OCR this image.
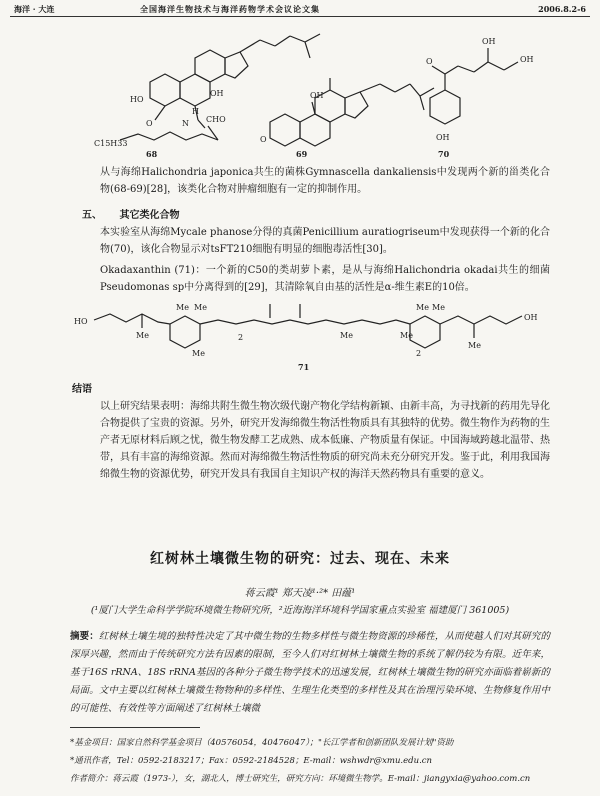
海洋 · 大连	全国海洋生物技术与海洋药物学术会议论文集	2006.8.2-6
HO
OH
N CHO
H
O
C15H33	O
OH
OH
O
OH
OH
68	69	70
从与海绵Halichondria japonica共生的菌株Gymnascella dankaliensis中发现两个新的甾类化合物(68-69)[28]，该类化合物对肿瘤细胞有一定的抑制作用。
五、 其它类化合物
本实验室从海绵Mycale phanose分得的真菌Penicillium auratiogriseum中发现获得一个新的化合物(70)，该化合物显示对tsFT210细胞有明显的细胞毒活性[30]。
Okadaxanthin (71)：一个新的C50的类胡萝卜素，是从与海绵Halichondria okadai共生的细菌Pseudomonas sp中分离得到的[29]，其清除氧自由基的活性是α-维生素E的10倍。
HO
Me
Me Me
Me
Me	Me
Me Me
Me
2
2
OH
71
结语
以上研究结果表明：海绵共附生微生物次级代谢产物化学结构新颖、由新丰高，为寻找新的药用先导化合物提供了宝贵的资源。另外，研究开发海绵微生物活性物质具有其独特的优势。微生物作为药物的生产者无原材料后顾之忧，微生物发酵工艺成熟、成本低廉、产物质量有保证。中国海域跨越北温带、热带，具有丰富的海绵资源。然而对海绵微生物活性物质的研究尚未充分研究开发。鉴于此，利用我国海绵微生物的资源优势，研究开发具有我国自主知识产权的海洋天然药物具有重要的意义。
红树林土壤微生物的研究：过去、现在、未来
蒋云霞¹ 郑天凌¹·²* 田蕴¹
(¹厦门大学生命科学学院环境微生物研究所，²近海海洋环境科学国家重点实验室 福建厦门 361005)
摘要：红树林土壤生境的独特性决定了其中微生物的生物多样性与微生物资源的珍稀性，从而使越人们对其研究的深厚兴趣，然而由于传统研究方法有因素的限制，至今人们对红树林土壤微生物的系统了解仍较为有限。近年来，基于16S rRNA、18S rRNA基因的各种分子微生物学技术的迅速发展，红树林土壤微生物的研究亦面临着崭新的局面。文中主要以红树林土壤微生物物种的多样性、生理生化类型的多样性及其在治理污染环境、生物修复作用中的可能性、有效性等方面阐述了红树林土壤微
*基金项目：国家自然科学基金项目（40576054，40476047）；"长江学者和创新团队发展计划"资助
*通讯作者，Tel：0592-2183217；Fax：0592-2184528；E-mail：wshwdr@xmu.edu.cn
作者简介：蒋云霞（1973-），女，湖北人，博士研究生，研究方向：环境微生物学。E-mail：jiangyxia@yahoo.com.cn
